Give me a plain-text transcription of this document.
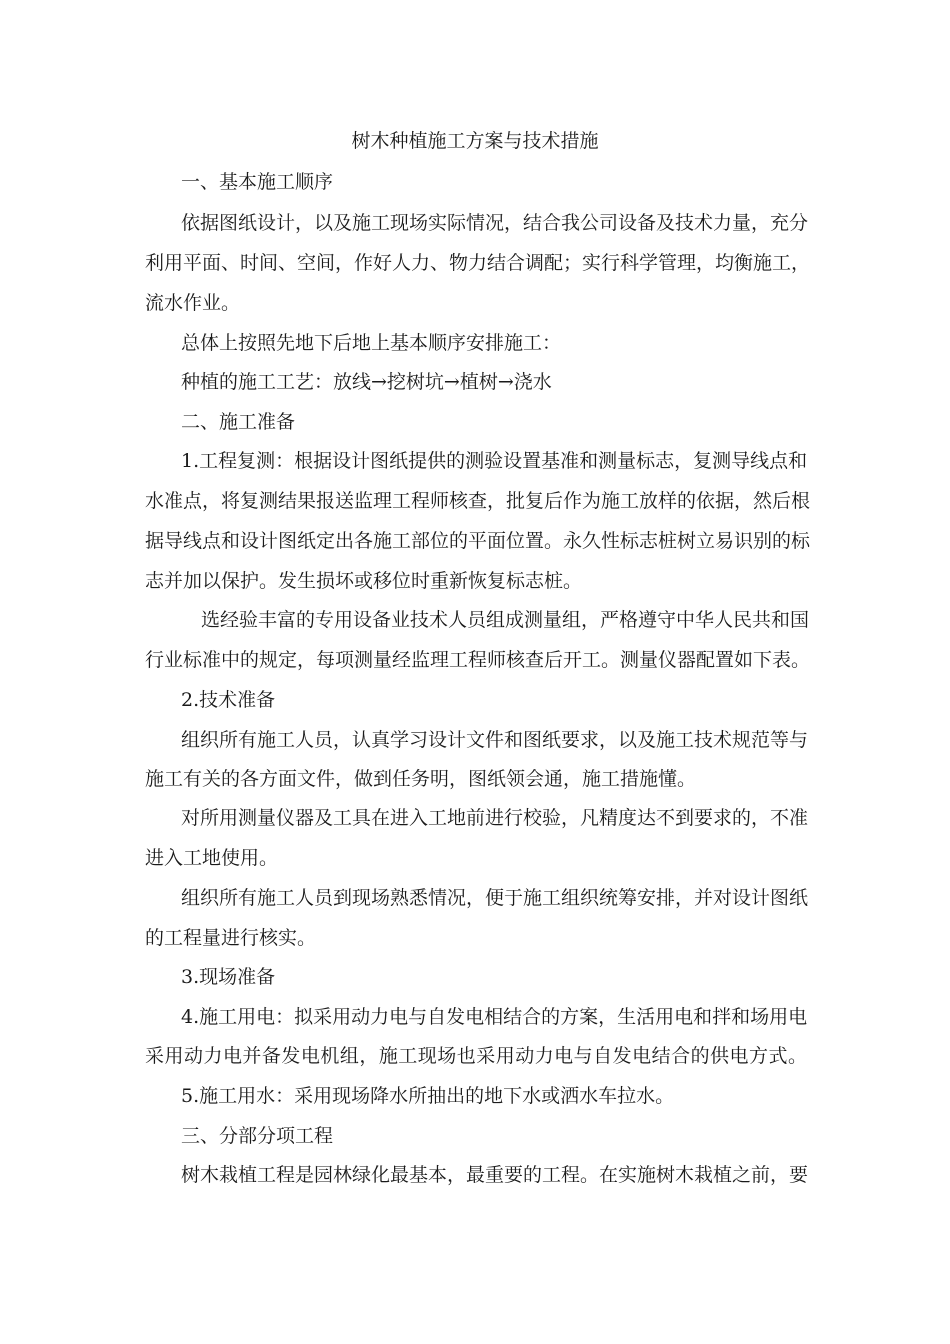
树木种植施工方案与技术措施
一、基本施工顺序
依据图纸设计，以及施工现场实际情况，结合我公司设备及技术力量，充分
利用平面、时间、空间，作好人力、物力结合调配；实行科学管理，均衡施工，
流水作业。
总体上按照先地下后地上基本顺序安排施工：
种植的施工工艺：放线→挖树坑→植树→浇水
二、施工准备
1.工程复测：根据设计图纸提供的测验设置基准和测量标志，复测导线点和
水准点，将复测结果报送监理工程师核查，批复后作为施工放样的依据，然后根
据导线点和设计图纸定出各施工部位的平面位置。永久性标志桩树立易识别的标
志并加以保护。发生损坏或移位时重新恢复标志桩。
选经验丰富的专用设备业技术人员组成测量组，严格遵守中华人民共和国
行业标准中的规定，每项测量经监理工程师核查后开工。测量仪器配置如下表。
2.技术准备
组织所有施工人员，认真学习设计文件和图纸要求，以及施工技术规范等与
施工有关的各方面文件，做到任务明，图纸领会通，施工措施懂。
对所用测量仪器及工具在进入工地前进行校验，凡精度达不到要求的，不准
进入工地使用。
组织所有施工人员到现场熟悉情况，便于施工组织统筹安排，并对设计图纸
的工程量进行核实。
3.现场准备
4.施工用电：拟采用动力电与自发电相结合的方案，生活用电和拌和场用电
采用动力电并备发电机组，施工现场也采用动力电与自发电结合的供电方式。
5.施工用水：采用现场降水所抽出的地下水或洒水车拉水。
三、分部分项工程
树木栽植工程是园林绿化最基本，最重要的工程。在实施树木栽植之前，要
